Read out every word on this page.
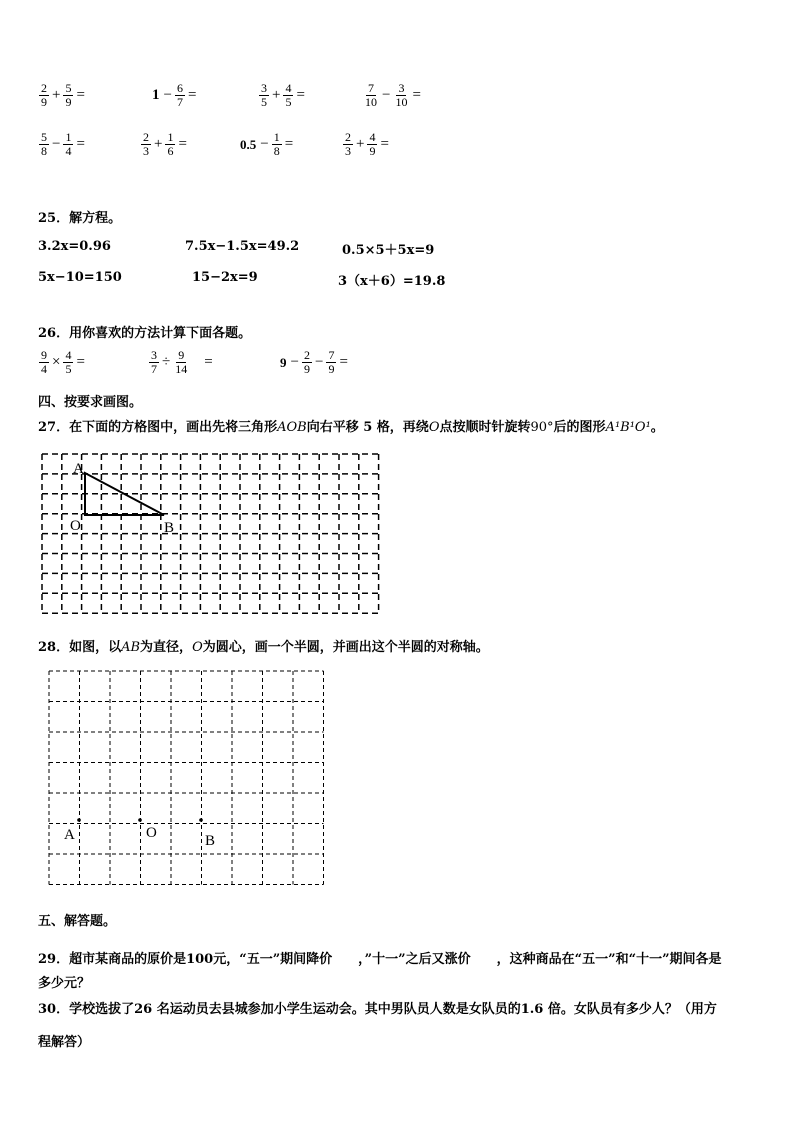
$\frac{2}{9} + \frac{5}{9}$ =	$1 - \frac{6}{7}$ =	$\frac{3}{5} + \frac{4}{5}$ =	$\frac{7}{10} - \frac{3}{10}$ =
$\frac{5}{8} - \frac{1}{4}$ =	$\frac{2}{3} + \frac{1}{6}$ =	$0.5 - \frac{1}{8}$ =	$\frac{2}{3} + \frac{4}{9}$ =
25．解方程。
3.2x=0.96	7.5x−1.5x=49.2	0.5×5＋5x=9
5x−10=150	15−2x=9	3（x＋6）=19.8
26．用你喜欢的方法计算下面各题。
$\frac{9}{4} \times \frac{4}{5}$ =	$\frac{3}{7} \div \frac{9}{14}$ =	$9 - \frac{2}{9} - \frac{7}{9}$ =
四、按要求画图。
27．在下面的方格图中，画出先将三角形AOB向右平移 5 格，再绕O点按顺时针旋转90°后的图形A¹B¹O¹。
A
O	B
28．如图，以AB为直径，O为圆心，画一个半圆，并画出这个半圆的对称轴。
A	O	B
五、解答题。
29．超市某商品的原价是100元，“五一”期间降价　　，”十一”之后又涨价　　，这种商品在“五一”和“十一”期间各是
多少元？
30．学校选拔了26 名运动员去县城参加小学生运动会。其中男队员人数是女队员的1.6 倍。女队员有多少人？（用方
程解答）
